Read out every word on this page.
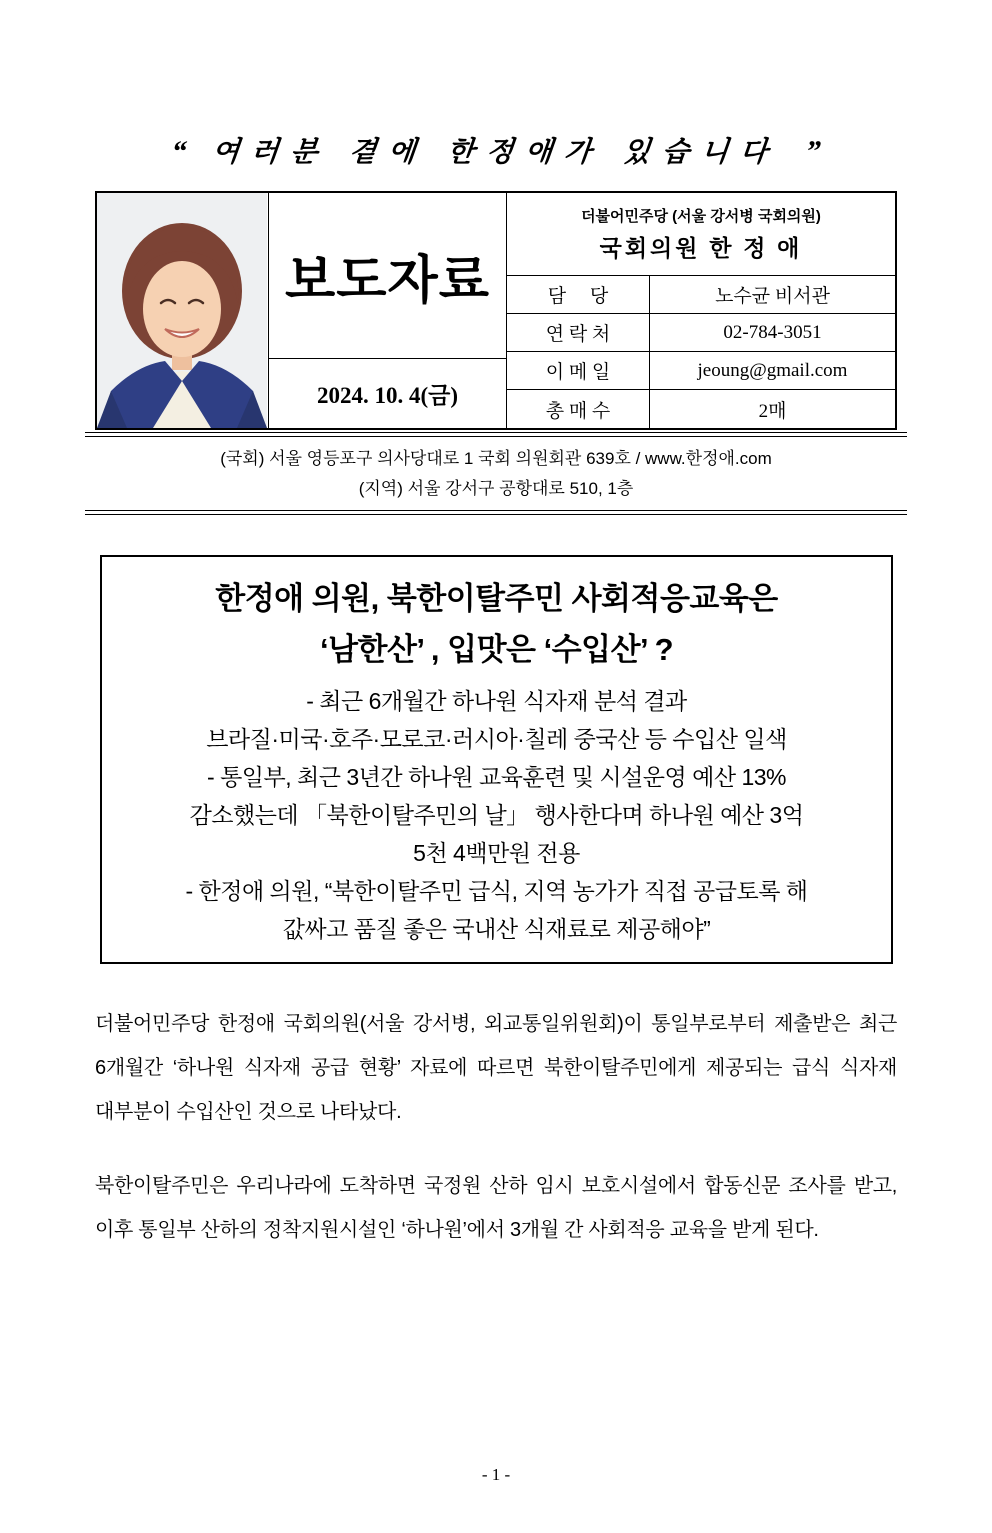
“ 여러분 곁에 한정애가 있습니다 ”
보도자료
2024. 10. 4(금)
더불어민주당 (서울 강서병 국회의원)
국회의원 한 정 애
담     당	노수균 비서관
연 락 처	02-784-3051
이 메 일	jeoung@gmail.com
총 매 수	2매
(국회) 서울 영등포구 의사당대로 1 국회 의원회관 639호 / www.한정애.com
(지역) 서울 강서구 공항대로 510, 1층
한정애 의원, 북한이탈주민 사회적응교육은
‘남한산’ , 입맛은 ‘수입산’ ?
- 최근 6개월간 하나원 식자재 분석 결과
브라질·미국·호주·모로코·러시아·칠레 중국산 등 수입산 일색
- 통일부, 최근 3년간 하나원 교육훈련 및 시설운영 예산 13%
감소했는데 「북한이탈주민의 날」 행사한다며 하나원 예산 3억
5천 4백만원 전용
- 한정애 의원, “북한이탈주민 급식, 지역 농가가 직접 공급토록 해
값싸고 품질 좋은 국내산 식재료로 제공해야”

더불어민주당 한정애 국회의원(서울 강서병, 외교통일위원회)이 통일부로부터 제출받은 최근 6개월간 ‘하나원 식자재 공급 현황’ 자료에 따르면 북한이탈주민에게 제공되는 급식 식자재 대부분이 수입산인 것으로 나타났다.

북한이탈주민은 우리나라에 도착하면 국정원 산하 임시 보호시설에서 합동신문 조사를 받고, 이후 통일부 산하의 정착지원시설인 ‘하나원’에서 3개월 간 사회적응 교육을 받게 된다.

- 1 -
